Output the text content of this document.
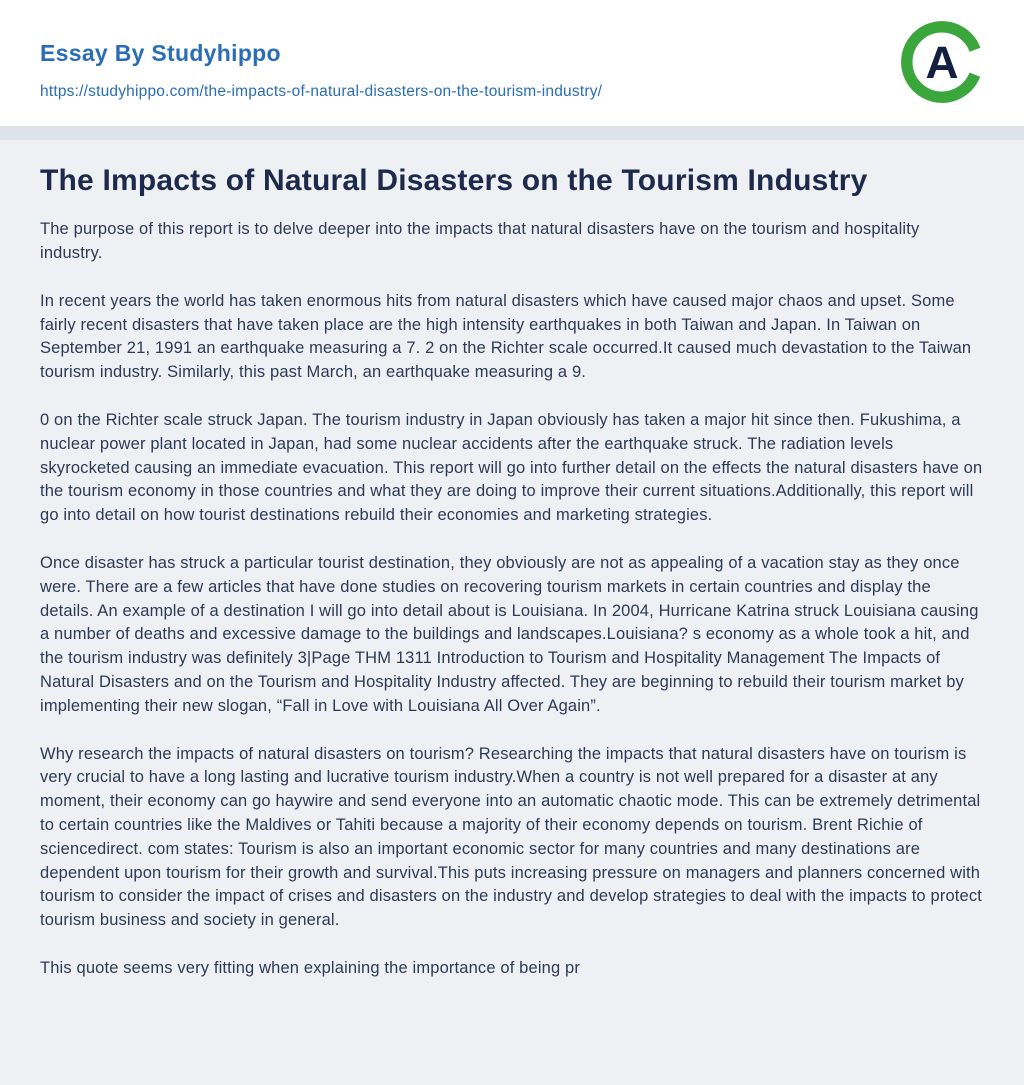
Essay By Studyhippo
https://studyhippo.com/the-impacts-of-natural-disasters-on-the-tourism-industry/
A
The Impacts of Natural Disasters on the Tourism Industry

The purpose of this report is to delve deeper into the impacts that natural disasters have on the tourism and hospitality industry.

In recent years the world has taken enormous hits from natural disasters which have caused major chaos and upset. Some fairly recent disasters that have taken place are the high intensity earthquakes in both Taiwan and Japan. In Taiwan on September 21, 1991 an earthquake measuring a 7. 2 on the Richter scale occurred.It caused much devastation to the Taiwan tourism industry. Similarly, this past March, an earthquake measuring a 9.

0 on the Richter scale struck Japan. The tourism industry in Japan obviously has taken a major hit since then. Fukushima, a nuclear power plant located in Japan, had some nuclear accidents after the earthquake struck. The radiation levels skyrocketed causing an immediate evacuation. This report will go into further detail on the effects the natural disasters have on the tourism economy in those countries and what they are doing to improve their current situations.Additionally, this report will go into detail on how tourist destinations rebuild their economies and marketing strategies.

Once disaster has struck a particular tourist destination, they obviously are not as appealing of a vacation stay as they once were. There are a few articles that have done studies on recovering tourism markets in certain countries and display the details. An example of a destination I will go into detail about is Louisiana. In 2004, Hurricane Katrina struck Louisiana causing a number of deaths and excessive damage to the buildings and landscapes.Louisiana? s economy as a whole took a hit, and the tourism industry was definitely 3|Page THM 1311 Introduction to Tourism and Hospitality Management The Impacts of Natural Disasters and on the Tourism and Hospitality Industry affected. They are beginning to rebuild their tourism market by implementing their new slogan, “Fall in Love with Louisiana All Over Again”.

Why research the impacts of natural disasters on tourism? Researching the impacts that natural disasters have on tourism is very crucial to have a long lasting and lucrative tourism industry.When a country is not well prepared for a disaster at any moment, their economy can go haywire and send everyone into an automatic chaotic mode. This can be extremely detrimental to certain countries like the Maldives or Tahiti because a majority of their economy depends on tourism. Brent Richie of sciencedirect. com states: Tourism is also an important economic sector for many countries and many destinations are dependent upon tourism for their growth and survival.This puts increasing pressure on managers and planners concerned with tourism to consider the impact of crises and disasters on the industry and develop strategies to deal with the impacts to protect tourism business and society in general.

This quote seems very fitting when explaining the importance of being pr
